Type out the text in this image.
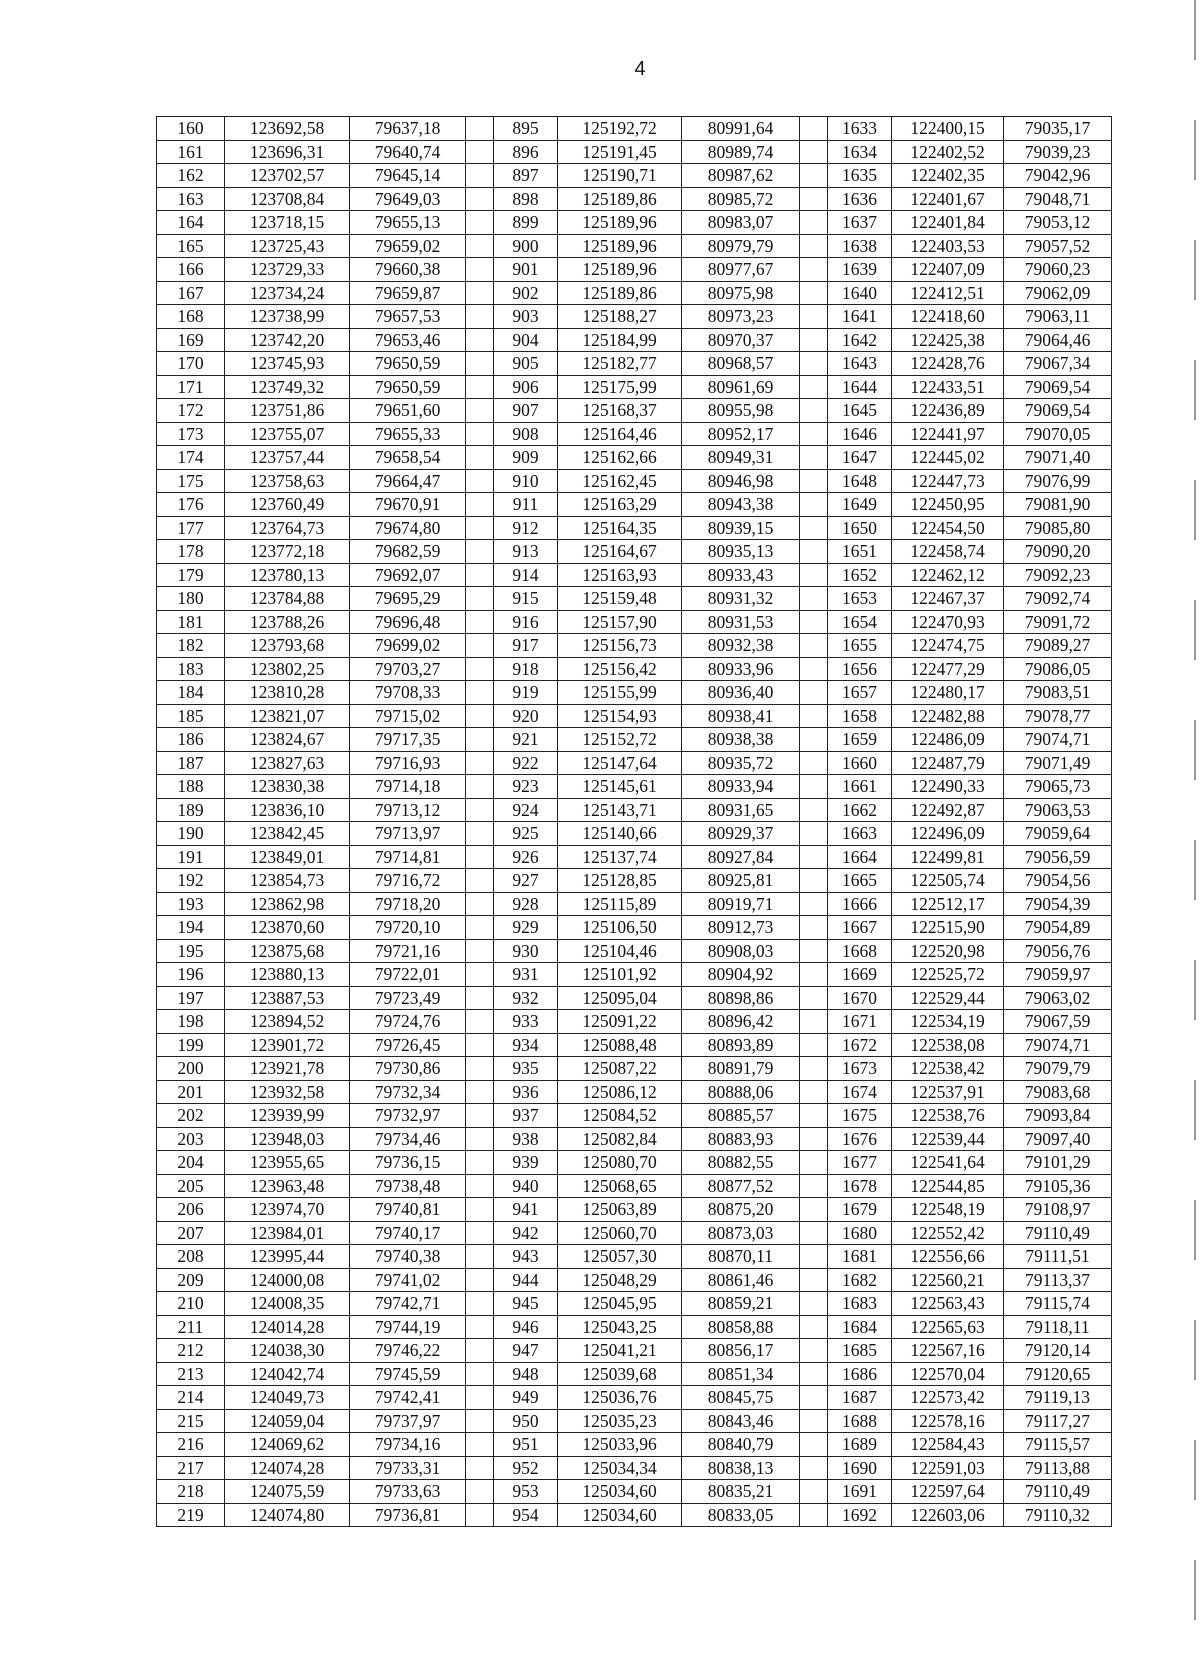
4
160	123692,58	79637,18		895	125192,72	80991,64		1633	122400,15	79035,17
161	123696,31	79640,74		896	125191,45	80989,74		1634	122402,52	79039,23
162	123702,57	79645,14		897	125190,71	80987,62		1635	122402,35	79042,96
163	123708,84	79649,03		898	125189,86	80985,72		1636	122401,67	79048,71
164	123718,15	79655,13		899	125189,96	80983,07		1637	122401,84	79053,12
165	123725,43	79659,02		900	125189,96	80979,79		1638	122403,53	79057,52
166	123729,33	79660,38		901	125189,96	80977,67		1639	122407,09	79060,23
167	123734,24	79659,87		902	125189,86	80975,98		1640	122412,51	79062,09
168	123738,99	79657,53		903	125188,27	80973,23		1641	122418,60	79063,11
169	123742,20	79653,46		904	125184,99	80970,37		1642	122425,38	79064,46
170	123745,93	79650,59		905	125182,77	80968,57		1643	122428,76	79067,34
171	123749,32	79650,59		906	125175,99	80961,69		1644	122433,51	79069,54
172	123751,86	79651,60		907	125168,37	80955,98		1645	122436,89	79069,54
173	123755,07	79655,33		908	125164,46	80952,17		1646	122441,97	79070,05
174	123757,44	79658,54		909	125162,66	80949,31		1647	122445,02	79071,40
175	123758,63	79664,47		910	125162,45	80946,98		1648	122447,73	79076,99
176	123760,49	79670,91		911	125163,29	80943,38		1649	122450,95	79081,90
177	123764,73	79674,80		912	125164,35	80939,15		1650	122454,50	79085,80
178	123772,18	79682,59		913	125164,67	80935,13		1651	122458,74	79090,20
179	123780,13	79692,07		914	125163,93	80933,43		1652	122462,12	79092,23
180	123784,88	79695,29		915	125159,48	80931,32		1653	122467,37	79092,74
181	123788,26	79696,48		916	125157,90	80931,53		1654	122470,93	79091,72
182	123793,68	79699,02		917	125156,73	80932,38		1655	122474,75	79089,27
183	123802,25	79703,27		918	125156,42	80933,96		1656	122477,29	79086,05
184	123810,28	79708,33		919	125155,99	80936,40		1657	122480,17	79083,51
185	123821,07	79715,02		920	125154,93	80938,41		1658	122482,88	79078,77
186	123824,67	79717,35		921	125152,72	80938,38		1659	122486,09	79074,71
187	123827,63	79716,93		922	125147,64	80935,72		1660	122487,79	79071,49
188	123830,38	79714,18		923	125145,61	80933,94		1661	122490,33	79065,73
189	123836,10	79713,12		924	125143,71	80931,65		1662	122492,87	79063,53
190	123842,45	79713,97		925	125140,66	80929,37		1663	122496,09	79059,64
191	123849,01	79714,81		926	125137,74	80927,84		1664	122499,81	79056,59
192	123854,73	79716,72		927	125128,85	80925,81		1665	122505,74	79054,56
193	123862,98	79718,20		928	125115,89	80919,71		1666	122512,17	79054,39
194	123870,60	79720,10		929	125106,50	80912,73		1667	122515,90	79054,89
195	123875,68	79721,16		930	125104,46	80908,03		1668	122520,98	79056,76
196	123880,13	79722,01		931	125101,92	80904,92		1669	122525,72	79059,97
197	123887,53	79723,49		932	125095,04	80898,86		1670	122529,44	79063,02
198	123894,52	79724,76		933	125091,22	80896,42		1671	122534,19	79067,59
199	123901,72	79726,45		934	125088,48	80893,89		1672	122538,08	79074,71
200	123921,78	79730,86		935	125087,22	80891,79		1673	122538,42	79079,79
201	123932,58	79732,34		936	125086,12	80888,06		1674	122537,91	79083,68
202	123939,99	79732,97		937	125084,52	80885,57		1675	122538,76	79093,84
203	123948,03	79734,46		938	125082,84	80883,93		1676	122539,44	79097,40
204	123955,65	79736,15		939	125080,70	80882,55		1677	122541,64	79101,29
205	123963,48	79738,48		940	125068,65	80877,52		1678	122544,85	79105,36
206	123974,70	79740,81		941	125063,89	80875,20		1679	122548,19	79108,97
207	123984,01	79740,17		942	125060,70	80873,03		1680	122552,42	79110,49
208	123995,44	79740,38		943	125057,30	80870,11		1681	122556,66	79111,51
209	124000,08	79741,02		944	125048,29	80861,46		1682	122560,21	79113,37
210	124008,35	79742,71		945	125045,95	80859,21		1683	122563,43	79115,74
211	124014,28	79744,19		946	125043,25	80858,88		1684	122565,63	79118,11
212	124038,30	79746,22		947	125041,21	80856,17		1685	122567,16	79120,14
213	124042,74	79745,59		948	125039,68	80851,34		1686	122570,04	79120,65
214	124049,73	79742,41		949	125036,76	80845,75		1687	122573,42	79119,13
215	124059,04	79737,97		950	125035,23	80843,46		1688	122578,16	79117,27
216	124069,62	79734,16		951	125033,96	80840,79		1689	122584,43	79115,57
217	124074,28	79733,31		952	125034,34	80838,13		1690	122591,03	79113,88
218	124075,59	79733,63		953	125034,60	80835,21		1691	122597,64	79110,49
219	124074,80	79736,81		954	125034,60	80833,05		1692	122603,06	79110,32
